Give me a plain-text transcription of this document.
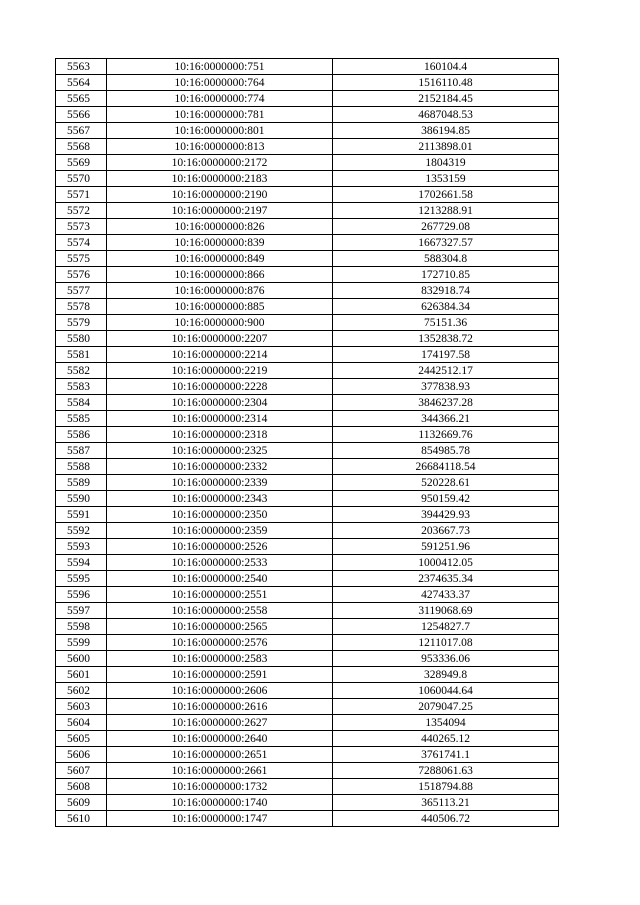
5563	10:16:0000000:751	160104.4
5564	10:16:0000000:764	1516110.48
5565	10:16:0000000:774	2152184.45
5566	10:16:0000000:781	4687048.53
5567	10:16:0000000:801	386194.85
5568	10:16:0000000:813	2113898.01
5569	10:16:0000000:2172	1804319
5570	10:16:0000000:2183	1353159
5571	10:16:0000000:2190	1702661.58
5572	10:16:0000000:2197	1213288.91
5573	10:16:0000000:826	267729.08
5574	10:16:0000000:839	1667327.57
5575	10:16:0000000:849	588304.8
5576	10:16:0000000:866	172710.85
5577	10:16:0000000:876	832918.74
5578	10:16:0000000:885	626384.34
5579	10:16:0000000:900	75151.36
5580	10:16:0000000:2207	1352838.72
5581	10:16:0000000:2214	174197.58
5582	10:16:0000000:2219	2442512.17
5583	10:16:0000000:2228	377838.93
5584	10:16:0000000:2304	3846237.28
5585	10:16:0000000:2314	344366.21
5586	10:16:0000000:2318	1132669.76
5587	10:16:0000000:2325	854985.78
5588	10:16:0000000:2332	26684118.54
5589	10:16:0000000:2339	520228.61
5590	10:16:0000000:2343	950159.42
5591	10:16:0000000:2350	394429.93
5592	10:16:0000000:2359	203667.73
5593	10:16:0000000:2526	591251.96
5594	10:16:0000000:2533	1000412.05
5595	10:16:0000000:2540	2374635.34
5596	10:16:0000000:2551	427433.37
5597	10:16:0000000:2558	3119068.69
5598	10:16:0000000:2565	1254827.7
5599	10:16:0000000:2576	1211017.08
5600	10:16:0000000:2583	953336.06
5601	10:16:0000000:2591	328949.8
5602	10:16:0000000:2606	1060044.64
5603	10:16:0000000:2616	2079047.25
5604	10:16:0000000:2627	1354094
5605	10:16:0000000:2640	440265.12
5606	10:16:0000000:2651	3761741.1
5607	10:16:0000000:2661	7288061.63
5608	10:16:0000000:1732	1518794.88
5609	10:16:0000000:1740	365113.21
5610	10:16:0000000:1747	440506.72
